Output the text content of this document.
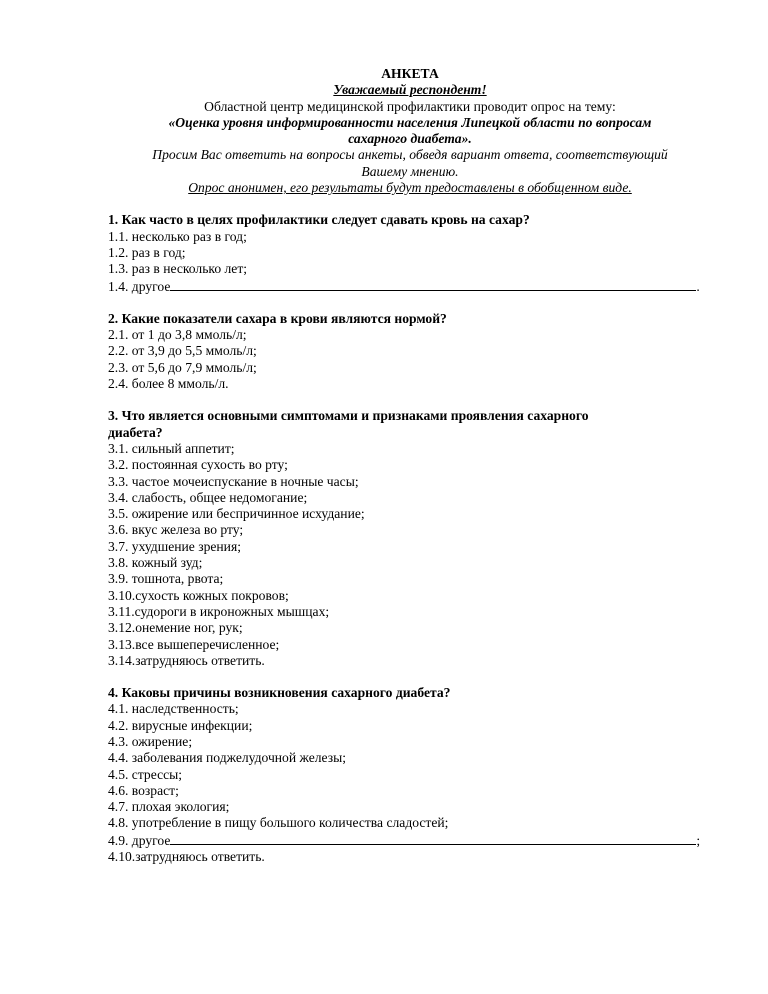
АНКЕТА
Уважаемый респондент!
Областной центр медицинской профилактики проводит опрос на тему:
«Оценка уровня информированности населения Липецкой области по вопросам
сахарного диабета».
Просим Вас ответить на вопросы анкеты, обведя вариант ответа, соответствующий
Вашему мнению.
Опрос анонимен, его результаты будут предоставлены в обобщенном виде.
1. Как часто в целях профилактики следует сдавать кровь на сахар?
1.1. несколько раз в год;
1.2. раз в год;
1.3. раз в несколько лет;
1.4. другое	.
2. Какие показатели сахара в крови являются нормой?
2.1. от 1 до 3,8 ммоль/л;
2.2. от 3,9 до 5,5 ммоль/л;
2.3. от 5,6 до 7,9 ммоль/л;
2.4. более 8 ммоль/л.
3. Что является основными симптомами и признаками проявления сахарного
диабета?
3.1. сильный аппетит;
3.2. постоянная сухость во рту;
3.3. частое мочеиспускание в ночные часы;
3.4. слабость, общее недомогание;
3.5. ожирение или беспричинное исхудание;
3.6. вкус железа во рту;
3.7. ухудшение зрения;
3.8. кожный зуд;
3.9. тошнота, рвота;
3.10.сухость кожных покровов;
3.11.судороги в икроножных мышцах;
3.12.онемение ног, рук;
3.13.все вышеперечисленное;
3.14.затрудняюсь ответить.
4. Каковы причины возникновения сахарного диабета?
4.1. наследственность;
4.2. вирусные инфекции;
4.3. ожирение;
4.4. заболевания поджелудочной железы;
4.5. стрессы;
4.6. возраст;
4.7. плохая экология;
4.8. употребление в пищу большого количества сладостей;
4.9. другое	;
4.10.затрудняюсь ответить.
